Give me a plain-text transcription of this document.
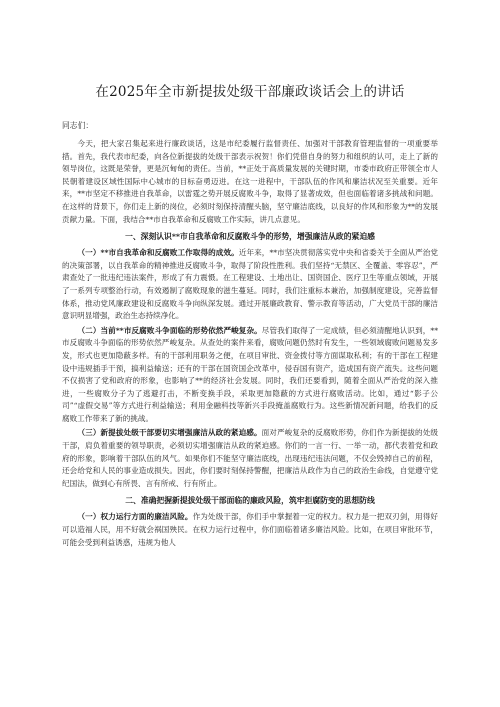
在2025年全市新提拔处级干部廉政谈话会上的讲话

同志们：

今天，把大家召集起来进行廉政谈话，这是市纪委履行监督责任、加强对干部教育管理监督的一项重要举措。首先，我代表市纪委，向各位新提拔的处级干部表示祝贺！你们凭借自身的努力和组织的认可，走上了新的领导岗位，这既是荣誉，更是沉甸甸的责任。当前，**正处于高质量发展的关键时期，市委市政府正带领全市人民朝着建设区域性国际中心城市的目标奋勇迈进。在这一进程中，干部队伍的作风和廉洁状况至关重要。近年来，**市坚定不移推进自我革命，以雷霆之势开展反腐败斗争，取得了显著成效，但也面临着诸多挑战和问题。在这样的背景下，你们走上新的岗位，必须时刻保持清醒头脑，坚守廉洁底线，以良好的作风和形象为**的发展贡献力量。下面，我结合**市自我革命和反腐败工作实际，讲几点意见。

一、深刻认识**市自我革命和反腐败斗争的形势，增强廉洁从政的紧迫感

（一）**市自我革命和反腐败工作取得的成效。近年来，**市坚决贯彻落实党中央和省委关于全面从严治党的决策部署，以自我革命的精神推进反腐败斗争，取得了阶段性胜利。我们坚持“无禁区、全覆盖、零容忍”，严肃查处了一批违纪违法案件，形成了有力震慑。在工程建设、土地出让、国资国企、医疗卫生等重点领域，开展了一系列专项整治行动，有效遏制了腐败现象的滋生蔓延。同时，我们注重标本兼治，加强制度建设，完善监督体系，推动党风廉政建设和反腐败斗争向纵深发展。通过开展廉政教育、警示教育等活动，广大党员干部的廉洁意识明显增强，政治生态持续净化。

（二）当前**市反腐败斗争面临的形势依然严峻复杂。尽管我们取得了一定成绩，但必须清醒地认识到，**市反腐败斗争面临的形势依然严峻复杂。从查处的案件来看，腐败问题仍然时有发生，一些领域腐败问题易发多发，形式也更加隐蔽多样。有的干部利用职务之便，在项目审批、资金拨付等方面谋取私利；有的干部在工程建设中违规插手干预，搞利益输送；还有的干部在国资国企改革中，侵吞国有资产，造成国有资产流失。这些问题不仅损害了党和政府的形象，也影响了**的经济社会发展。同时，我们还要看到，随着全面从严治党的深入推进，一些腐败分子为了逃避打击，不断变换手段，采取更加隐蔽的方式进行腐败活动。比如，通过“影子公司”“虚假交易”等方式进行利益输送；利用金融科技等新兴手段掩盖腐败行为。这些新情况新问题，给我们的反腐败工作带来了新的挑战。

（三）新提拔处级干部要切实增强廉洁从政的紧迫感。面对严峻复杂的反腐败形势，你们作为新提拔的处级干部，肩负着重要的领导职责，必须切实增强廉洁从政的紧迫感。你们的一言一行、一举一动，都代表着党和政府的形象，影响着干部队伍的风气。如果你们不能坚守廉洁底线，出现违纪违法问题，不仅会毁掉自己的前程，还会给党和人民的事业造成损失。因此，你们要时刻保持警醒，把廉洁从政作为自己的政治生命线，自觉遵守党纪国法，做到心有所畏、言有所戒、行有所止。

二、准确把握新提拔处级干部面临的廉政风险，筑牢拒腐防变的思想防线

（一）权力运行方面的廉洁风险。作为处级干部，你们手中掌握着一定的权力。权力是一把双刃剑，用得好可以造福人民，用不好就会祸国殃民。在权力运行过程中，你们面临着诸多廉洁风险。比如，在项目审批环节，可能会受到利益诱惑，违规为他人
